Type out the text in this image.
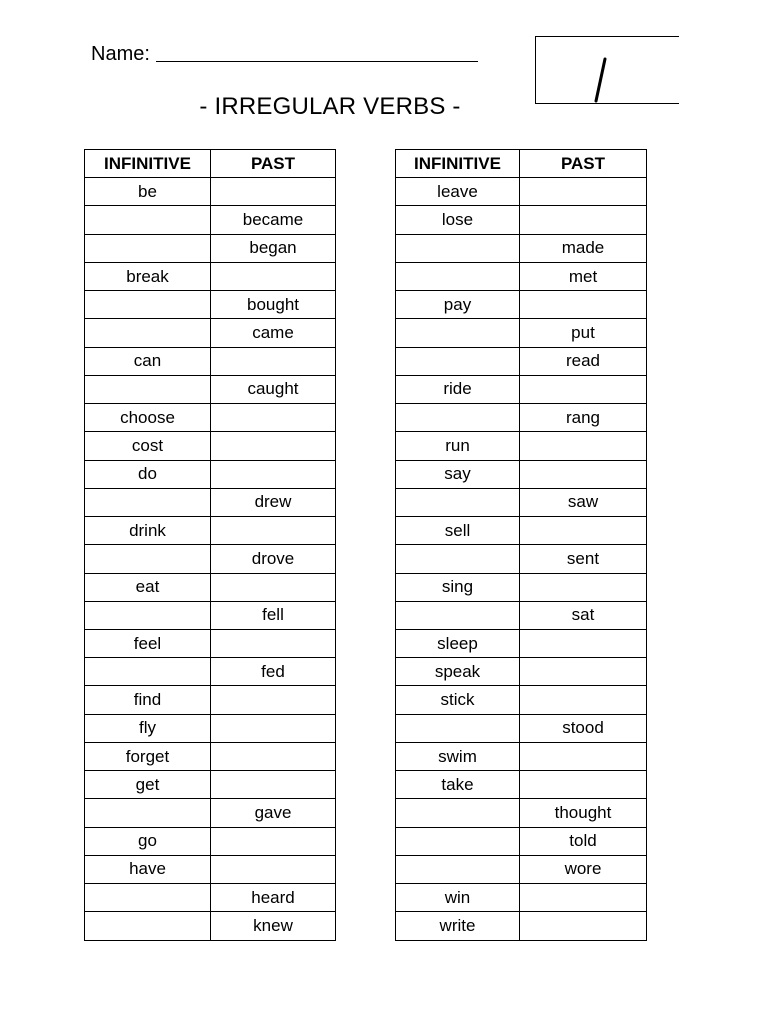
Name:
- IRREGULAR VERBS -
INFINITIVE	PAST
be	
	became
	began
break	
	bought
	came
can	
	caught
choose	
cost	
do	
	drew
drink	
	drove
eat	
	fell
feel	
	fed
find	
fly	
forget	
get	
	gave
go	
have	
	heard
	knew
INFINITIVE	PAST
leave	
lose	
	made
	met
pay	
	put
	read
ride	
	rang
run	
say	
	saw
sell	
	sent
sing	
	sat
sleep	
speak	
stick	
	stood
swim	
take	
	thought
	told
	wore
win	
write	
